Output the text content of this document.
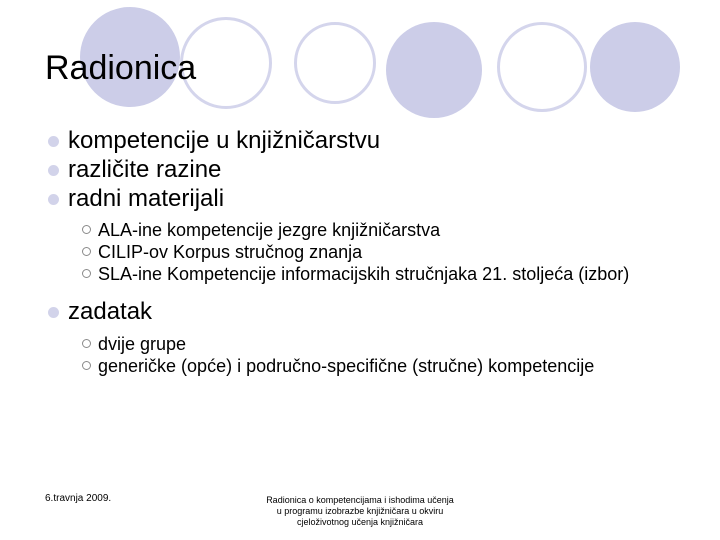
Radionica
kompetencije u knjižničarstvu
različite razine
radni materijali
ALA-ine kompetencije jezgre knjižničarstva
CILIP-ov Korpus stručnog znanja
SLA-ine Kompetencije informacijskih stručnjaka 21. stoljeća (izbor)
zadatak
dvije grupe
generičke (opće) i područno-specifične (stručne) kompetencije
6.travnja 2009.	Radionica o kompetencijama i ishodima učenja
u programu izobrazbe knjižničara u okviru
cjeloživotnog učenja knjižničara
